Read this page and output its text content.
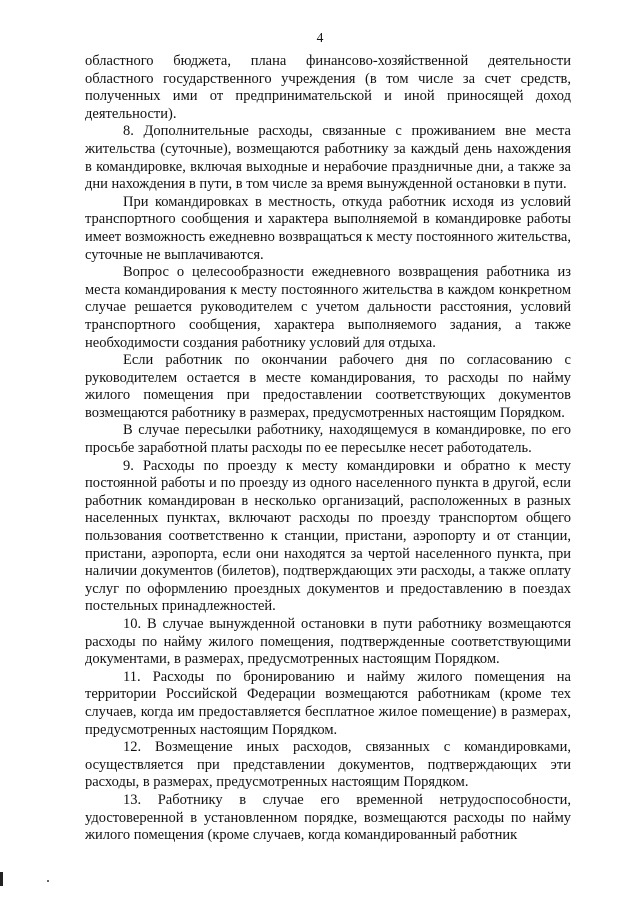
4

областного бюджета, плана финансово-хозяйственной деятельности областного государственного учреждения (в том числе за счет средств, полученных ими от предпринимательской и иной приносящей доход деятельности).

8. Дополнительные расходы, связанные с проживанием вне места жительства (суточные), возмещаются работнику за каждый день нахождения в командировке, включая выходные и нерабочие праздничные дни, а также за дни нахождения в пути, в том числе за время вынужденной остановки в пути.

При командировках в местность, откуда работник исходя из условий транспортного сообщения и характера выполняемой в командировке работы имеет возможность ежедневно возвращаться к месту постоянного жительства, суточные не выплачиваются.

Вопрос о целесообразности ежедневного возвращения работника из места командирования к месту постоянного жительства в каждом конкретном случае решается руководителем с учетом дальности расстояния, условий транспортного сообщения, характера выполняемого задания, а также необходимости создания работнику условий для отдыха.

Если работник по окончании рабочего дня по согласованию с руководителем остается в месте командирования, то расходы по найму жилого помещения при предоставлении соответствующих документов возмещаются работнику в размерах, предусмотренных настоящим Порядком.

В случае пересылки работнику, находящемуся в командировке, по его просьбе заработной платы расходы по ее пересылке несет работодатель.

9. Расходы по проезду к месту командировки и обратно к месту постоянной работы и по проезду из одного населенного пункта в другой, если работник командирован в несколько организаций, расположенных в разных населенных пунктах, включают расходы по проезду транспортом общего пользования соответственно к станции, пристани, аэропорту и от станции, пристани, аэропорта, если они находятся за чертой населенного пункта, при наличии документов (билетов), подтверждающих эти расходы, а также оплату услуг по оформлению проездных документов и предоставлению в поездах постельных принадлежностей.

10. В случае вынужденной остановки в пути работнику возмещаются расходы по найму жилого помещения, подтвержденные соответствующими документами, в размерах, предусмотренных настоящим Порядком.

11. Расходы по бронированию и найму жилого помещения на территории Российской Федерации возмещаются работникам (кроме тех случаев, когда им предоставляется бесплатное жилое помещение) в размерах, предусмотренных настоящим Порядком.

12. Возмещение иных расходов, связанных с командировками, осуществляется при представлении документов, подтверждающих эти расходы, в размерах, предусмотренных настоящим Порядком.

13. Работнику в случае его временной нетрудоспособности, удостоверенной в установленном порядке, возмещаются расходы по найму жилого помещения (кроме случаев, когда командированный работник
